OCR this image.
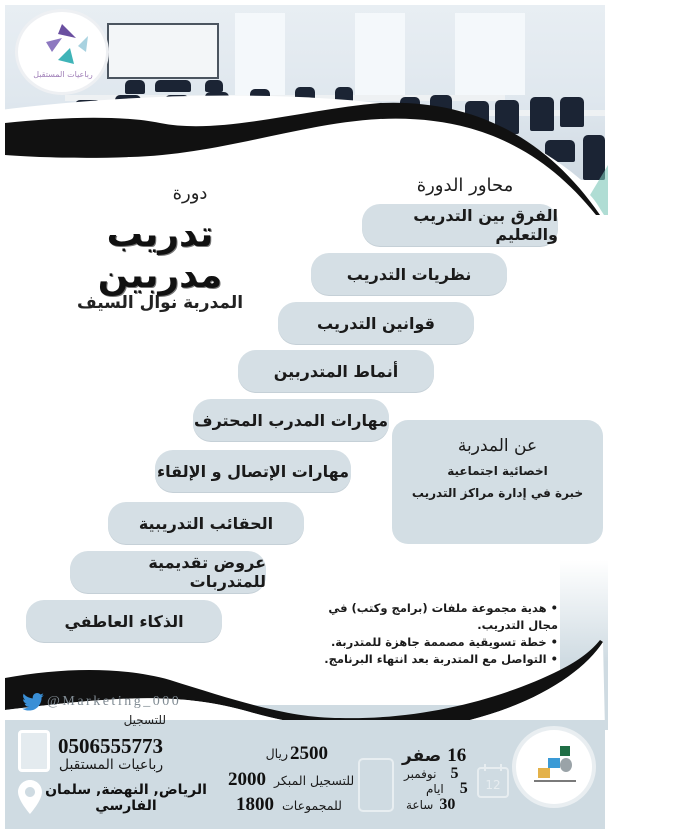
رباعيات المستقبل
دورة
تدريب مدربين
المدربة نوال السيف
محاور الدورة
الفرق بين التدريب والتعليم
نظريات التدريب
قوانين التدريب
أنماط المتدربين
مهارات المدرب المحترف
مهارات الإتصال و الإلقاء
الحقائب التدريبية
عروض تقديمية للمتدربات
الذكاء العاطفي
عن المدربة
اخصائية اجتماعية
خبرة في إدارة مراكز التدريب
• هدية مجموعة ملفات (برامج وكتب) في مجال التدريب.
• خطة تسويقية مصممة جاهزة للمتدربة.
• التواصل مع المتدربة بعد انتهاء البرنامج.
@Marketing_000
للتسجيل
0506555773
رباعيات المستقبل
الرياض, النهضة, سلمان الفارسي
2500
ريال
2000 للتسجيل المبكر
1800 للمجموعات
صفر 16
نوفمبر 5
ايام 5
ساعة 30
12
